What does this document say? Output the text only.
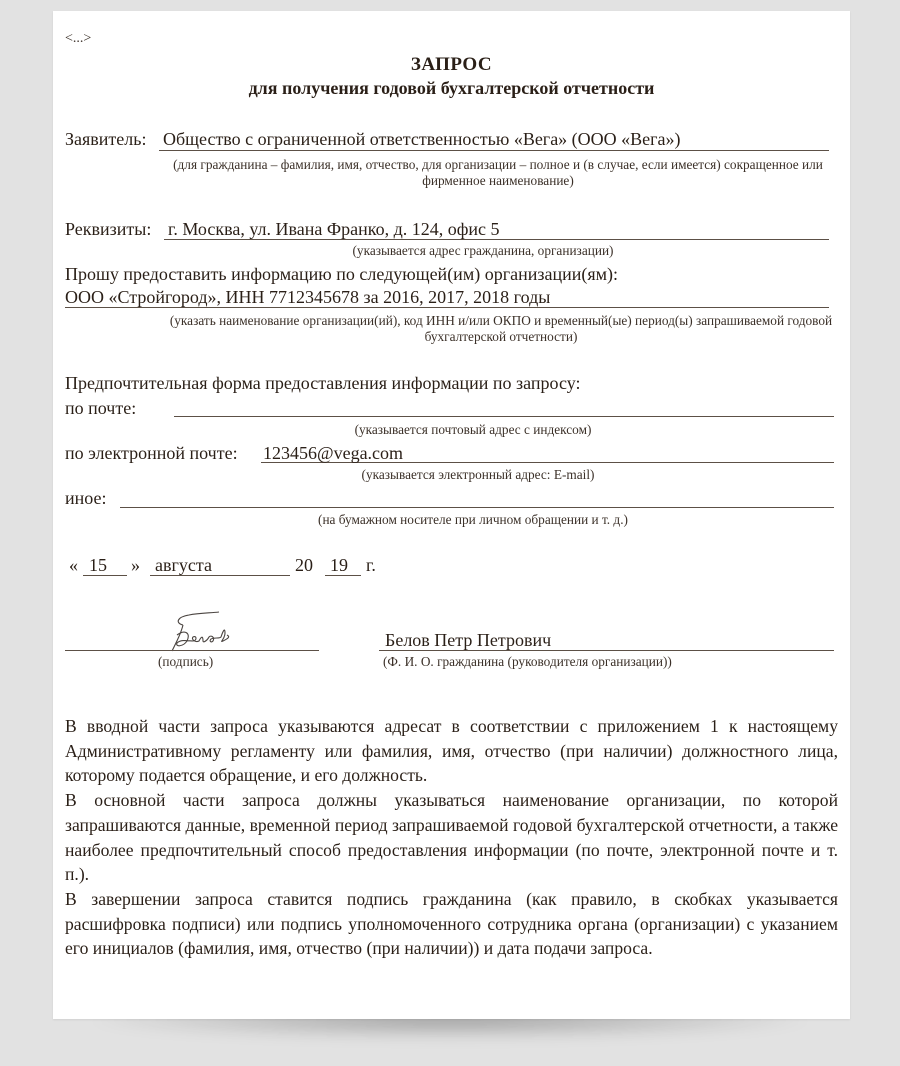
<...>
ЗАПРОС
для получения годовой бухгалтерской отчетности
Заявитель: Общество с ограниченной ответственностью «Вега» (ООО «Вега»)
(для гражданина – фамилия, имя, отчество, для организации – полное и (в случае, если имеется) сокращенное или фирменное наименование)
Реквизиты: г. Москва, ул. Ивана Франко, д. 124, офис 5
(указывается адрес гражданина, организации)
Прошу предоставить информацию по следующей(им) организации(ям):
ООО «Стройгород», ИНН 7712345678 за 2016, 2017, 2018 годы
(указать наименование организации(ий), код ИНН и/или ОКПО и временный(ые) период(ы) запрашиваемой годовой бухгалтерской отчетности)
Предпочтительная форма предоставления информации по запросу:
по почте:
(указывается почтовый адрес с индексом)
по электронной почте: 123456@vega.com
(указывается электронный адрес: E-mail)
иное:
(на бумажном носителе при личном обращении и т. д.)
« 15 » августа	20 19 г.
(подпись)
Белов Петр Петрович
(Ф. И. О. гражданина (руководителя организации))

В вводной части запроса указываются адресат в соответствии с приложением 1 к настоящему Административному регламенту или фамилия, имя, отчество (при наличии) должностного лица, которому подается обращение, и его должность.

В основной части запроса должны указываться наименование организации, по которой запрашиваются данные, временной период запрашиваемой годовой бухгалтерской отчетности, а также наиболее предпочтительный способ предоставления информации (по почте, электронной почте и т. п.).

В завершении запроса ставится подпись гражданина (как правило, в скобках указывается расшифровка подписи) или подпись уполномоченного сотрудника органа (организации) с указанием его инициалов (фамилия, имя, отчество (при наличии)) и дата подачи запроса.
